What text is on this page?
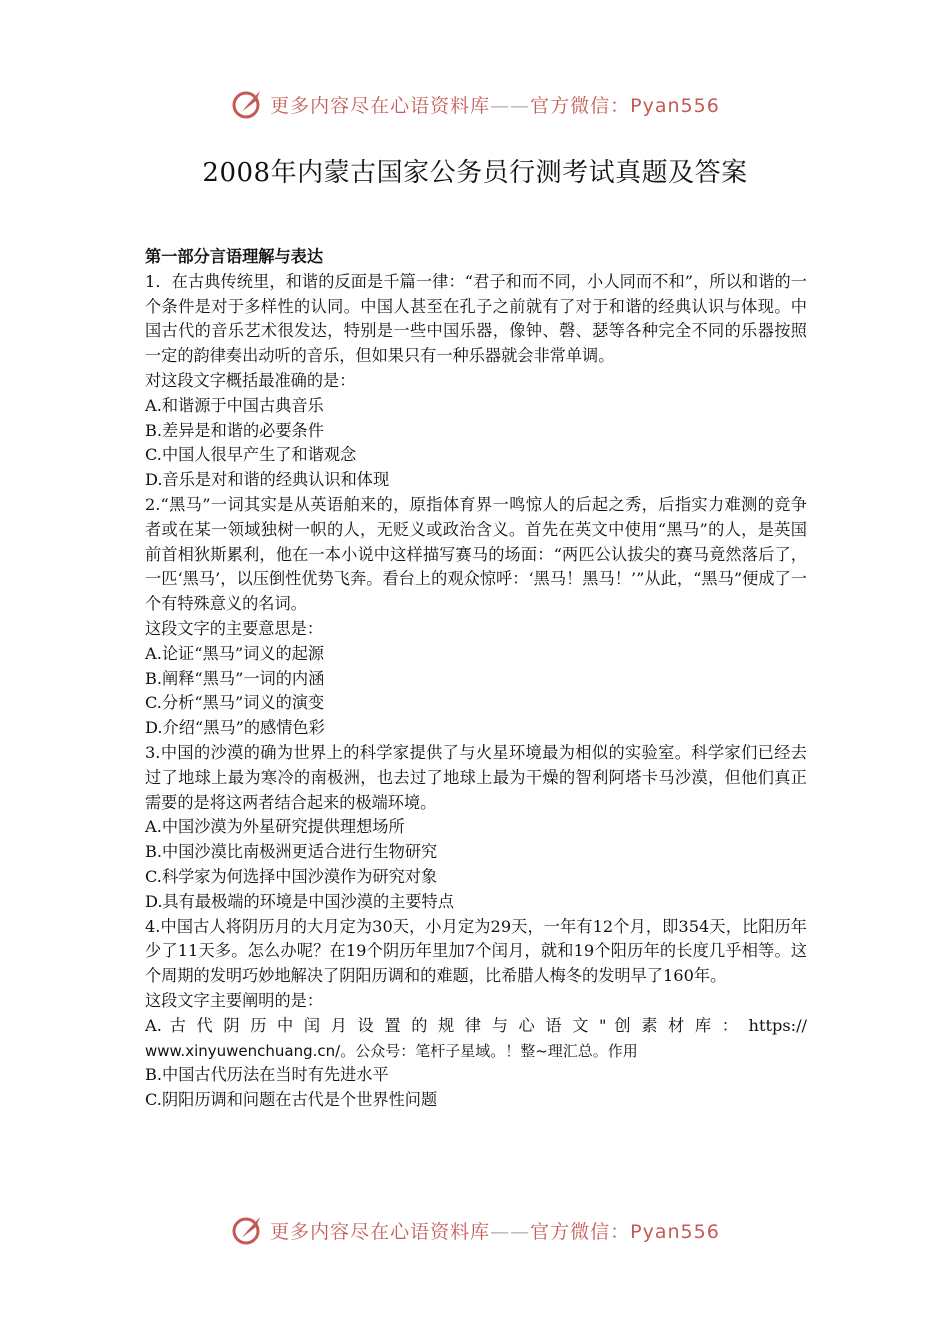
更多内容尽在心语资料库——官方微信：Pyan556
2008年内蒙古国家公务员行测考试真题及答案

第一部分言语理解与表达

1．在古典传统里，和谐的反面是千篇一律：“君子和而不同，小人同而不和”，所以和谐的一个条件是对于多样性的认同。中国人甚至在孔子之前就有了对于和谐的经典认识与体现。中国古代的音乐艺术很发达，特别是一些中国乐器，像钟、磬、瑟等各种完全不同的乐器按照一定的韵律奏出动听的音乐，但如果只有一种乐器就会非常单调。

对这段文字概括最准确的是：

A.和谐源于中国古典音乐

B.差异是和谐的必要条件

C.中国人很早产生了和谐观念

D.音乐是对和谐的经典认识和体现

2.“黑马”一词其实是从英语舶来的，原指体育界一鸣惊人的后起之秀，后指实力难测的竞争者或在某一领域独树一帜的人，无贬义或政治含义。首先在英文中使用“黑马”的人，是英国前首相狄斯累利，他在一本小说中这样描写赛马的场面：“两匹公认拔尖的赛马竟然落后了，一匹‘黑马’，以压倒性优势飞奔。看台上的观众惊呼：‘黑马！黑马！’”从此，“黑马”便成了一个有特殊意义的名词。

这段文字的主要意思是：

A.论证“黑马”词义的起源

B.阐释“黑马”一词的内涵

C.分析“黑马”词义的演变

D.介绍“黑马”的感情色彩

3.中国的沙漠的确为世界上的科学家提供了与火星环境最为相似的实验室。科学家们已经去过了地球上最为寒冷的南极洲，也去过了地球上最为干燥的智利阿塔卡马沙漠，但他们真正需要的是将这两者结合起来的极端环境。

A.中国沙漠为外星研究提供理想场所

B.中国沙漠比南极洲更适合进行生物研究

C.科学家为何选择中国沙漠作为研究对象

D.具有最极端的环境是中国沙漠的主要特点

4.中国古人将阴历月的大月定为30天，小月定为29天，一年有12个月，即354天，比阳历年少了11天多。怎么办呢？在19个阴历年里加7个闰月，就和19个阳历年的长度几乎相等。这个周期的发明巧妙地解决了阴阳历调和的难题，比希腊人梅冬的发明早了160年。

这段文字主要阐明的是：

A. 古 代 阴 历 中 闰 月 设 置 的 规 律 与 心 语 文 " 创 素 材 库 ： https://

www.xinyuwenchuang.cn/。公众号：笔杆子星域。！整~理汇总。作用

B.中国古代历法在当时有先进水平

C.阴阳历调和问题在古代是个世界性问题

更多内容尽在心语资料库——官方微信：Pyan556
